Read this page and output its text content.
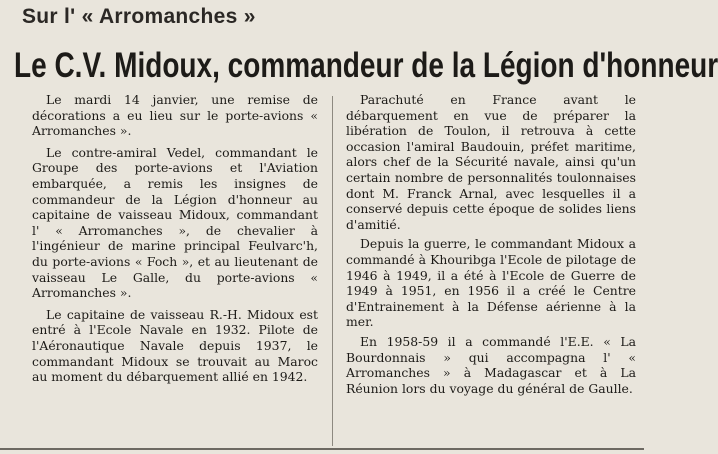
Sur l' « Arromanches »
Le C.V. Midoux, commandeur de la Légion d'honneur

Le mardi 14 janvier, une remise de décorations a eu lieu sur le porte-avions « Arromanches ».

Le contre-amiral Vedel, commandant le Groupe des porte-avions et l'Aviation embarquée, a remis les insignes de commandeur de la Légion d'honneur au capitaine de vaisseau Midoux, commandant l' « Arromanches », de chevalier à l'ingénieur de marine principal Feulvarc'h, du porte-avions « Foch », et au lieutenant de vaisseau Le Galle, du porte-avions « Arromanches ».

Le capitaine de vaisseau R.-H. Midoux est entré à l'Ecole Navale en 1932. Pilote de l'Aéronautique Navale depuis 1937, le commandant Midoux se trouvait au Maroc au moment du débarquement allié en 1942.

Parachuté en France avant le débarquement en vue de préparer la libération de Toulon, il retrouva à cette occasion l'amiral Baudouin, préfet maritime, alors chef de la Sécurité navale, ainsi qu'un certain nombre de personnalités toulonnaises dont M. Franck Arnal, avec lesquelles il a conservé depuis cette époque de solides liens d'amitié.

Depuis la guerre, le commandant Midoux a commandé à Khouribga l'Ecole de pilotage de 1946 à 1949, il a été à l'Ecole de Guerre de 1949 à 1951, en 1956 il a créé le Centre d'Entrainement à la Défense aérienne à la mer.

En 1958-59 il a commandé l'E.E. « La Bourdonnais » qui accompagna l' « Arromanches » à Madagascar et à La Réunion lors du voyage du général de Gaulle.
